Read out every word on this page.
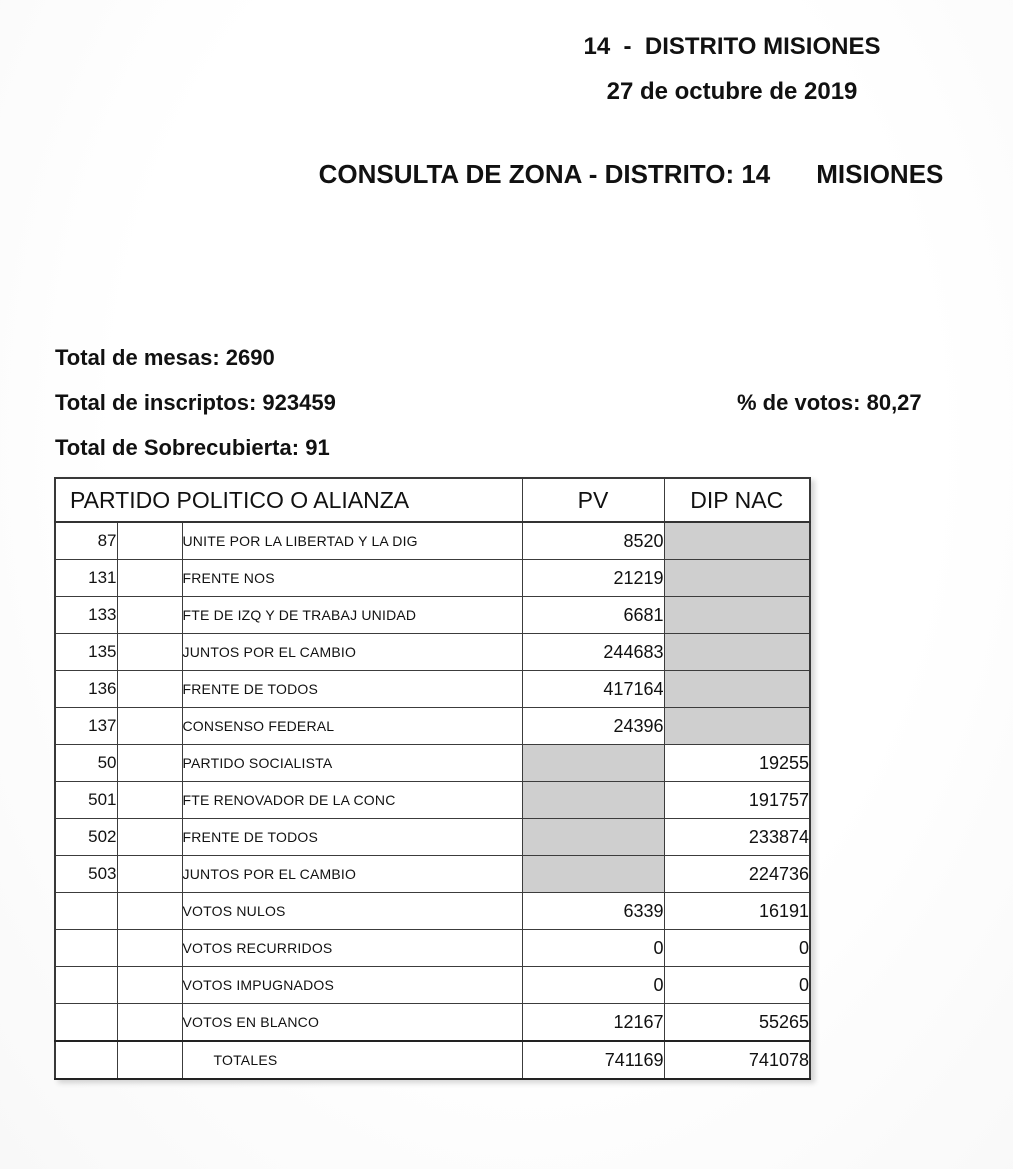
14  -  DISTRITO MISIONES
27 de octubre de 2019
CONSULTA DE ZONA - DISTRITO: 14 MISIONES
Total de mesas: 2690
Total de inscriptos: 923459	% de votos: 80,27
Total de Sobrecubierta: 91
PARTIDO POLITICO O ALIANZA			PV	DIP NAC
87		UNITE POR LA LIBERTAD Y LA DIG	8520	
131		FRENTE NOS	21219	
133		FTE DE IZQ Y DE TRABAJ UNIDAD	6681	
135		JUNTOS POR EL CAMBIO	244683	
136		FRENTE DE TODOS	417164	
137		CONSENSO FEDERAL	24396	
50		PARTIDO SOCIALISTA		19255
501		FTE RENOVADOR DE LA CONC		191757
502		FRENTE DE TODOS		233874
503		JUNTOS POR EL CAMBIO		224736
		VOTOS NULOS	6339	16191
		VOTOS RECURRIDOS	0	0
		VOTOS IMPUGNADOS	0	0
		VOTOS EN BLANCO	12167	55265
		TOTALES	741169	741078
